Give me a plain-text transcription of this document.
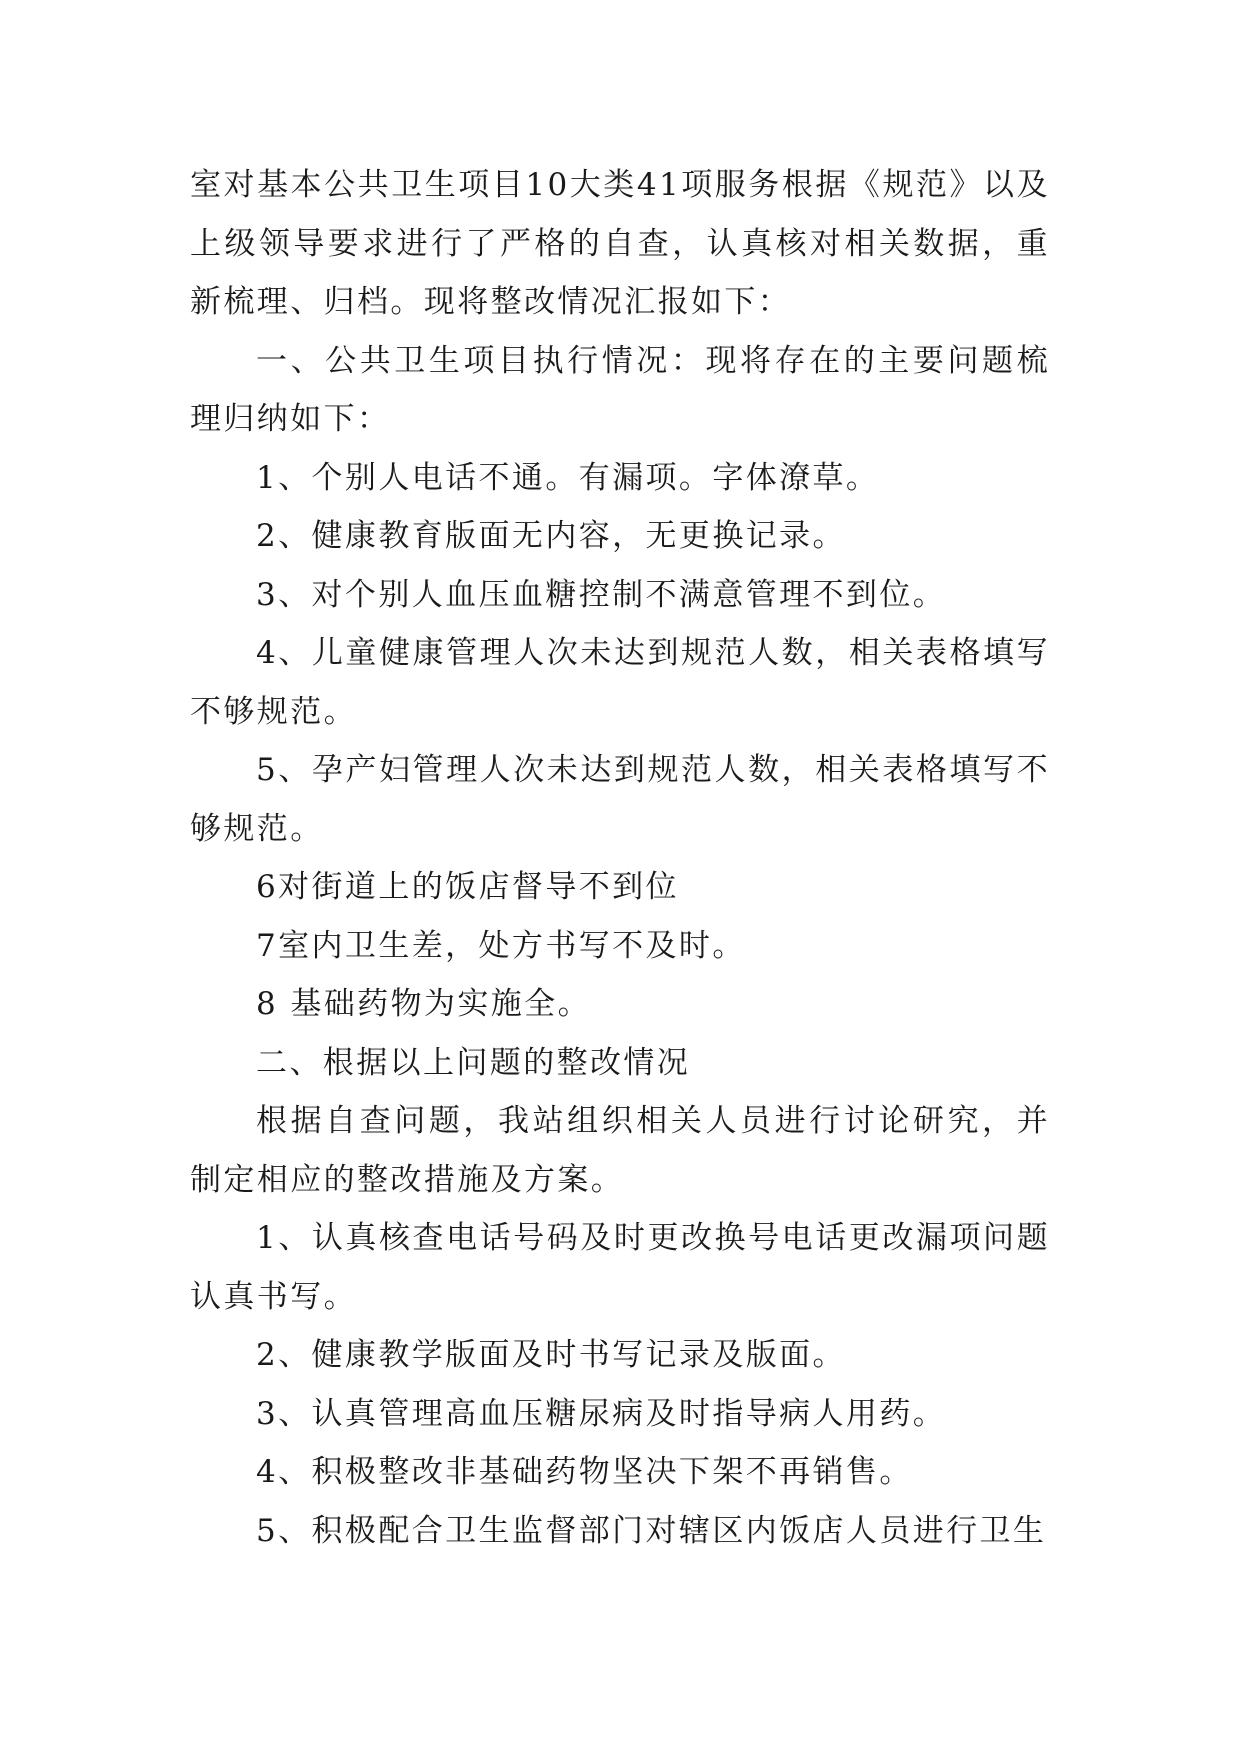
室对基本公共卫生项目10大类41项服务根据《规范》以及上级领导要求进行了严格的自查，认真核对相关数据，重新梳理、归档。现将整改情况汇报如下：

一、公共卫生项目执行情况：现将存在的主要问题梳理归纳如下：

1、个别人电话不通。有漏项。字体潦草。

2、健康教育版面无内容，无更换记录。

3、对个别人血压血糖控制不满意管理不到位。

4、儿童健康管理人次未达到规范人数，相关表格填写不够规范。

5、孕产妇管理人次未达到规范人数，相关表格填写不够规范。

6对街道上的饭店督导不到位

7室内卫生差，处方书写不及时。

8 基础药物为实施全。

二、根据以上问题的整改情况

根据自查问题，我站组织相关人员进行讨论研究，并制定相应的整改措施及方案。

1、认真核查电话号码及时更改换号电话更改漏项问题认真书写。

2、健康教学版面及时书写记录及版面。

3、认真管理高血压糖尿病及时指导病人用药。

4、积极整改非基础药物坚决下架不再销售。

5、积极配合卫生监督部门对辖区内饭店人员进行卫生
